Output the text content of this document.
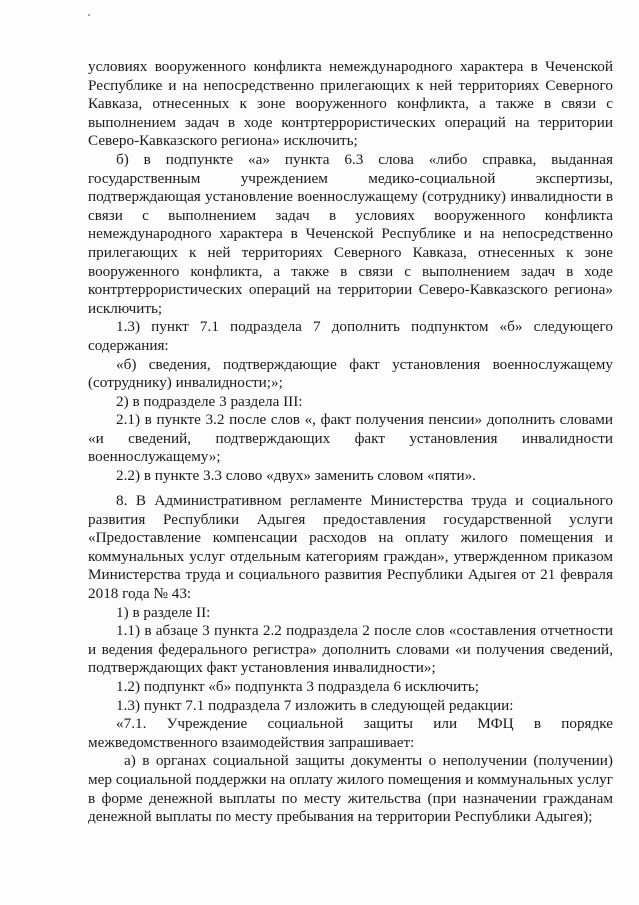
условиях вооруженного конфликта немеждународного характера в Чеченской Республике и на непосредственно прилегающих к ней территориях Северного Кавказа, отнесенных к зоне вооруженного конфликта, а также в связи с выполнением задач в ходе контртеррористических операций на территории Северо-Кавказского региона» исключить;

б) в подпункте «а» пункта 6.3 слова «либо справка, выданная государственным учреждением медико-социальной экспертизы, подтверждающая установление военнослужащему (сотруднику) инвалидности в связи с выполнением задач в условиях вооруженного конфликта немеждународного характера в Чеченской Республике и на непосредственно прилегающих к ней территориях Северного Кавказа, отнесенных к зоне вооруженного конфликта, а также в связи с выполнением задач в ходе контртеррористических операций на территории Северо-Кавказского региона» исключить;

1.3) пункт 7.1 подраздела 7 дополнить подпунктом «б» следующего содержания:

«б) сведения, подтверждающие факт установления военнослужащему (сотруднику) инвалидности;»;

2) в подразделе 3 раздела III:

2.1) в пункте 3.2 после слов «, факт получения пенсии» дополнить словами «и сведений, подтверждающих факт установления инвалидности военнослужащему»;

2.2) в пункте 3.3 слово «двух» заменить словом «пяти».

8. В Административном регламенте Министерства труда и социального развития Республики Адыгея предоставления государственной услуги «Предоставление компенсации расходов на оплату жилого помещения и коммунальных услуг отдельным категориям граждан», утвержденном приказом Министерства труда и социального развития Республики Адыгея от 21 февраля 2018 года № 43:

1) в разделе II:

1.1) в абзаце 3 пункта 2.2 подраздела 2 после слов «составления отчетности и ведения федерального регистра» дополнить словами «и получения сведений, подтверждающих факт установления инвалидности»;

1.2) подпункт «б» подпункта 3 подраздела 6 исключить;

1.3) пункт 7.1 подраздела 7 изложить в следующей редакции:

«7.1. Учреждение социальной защиты или МФЦ в порядке межведомственного взаимодействия запрашивает:

а) в органах социальной защиты документы о неполучении (получении) мер социальной поддержки на оплату жилого помещения и коммунальных услуг в форме денежной выплаты по месту жительства (при назначении гражданам денежной выплаты по месту пребывания на территории Республики Адыгея);
